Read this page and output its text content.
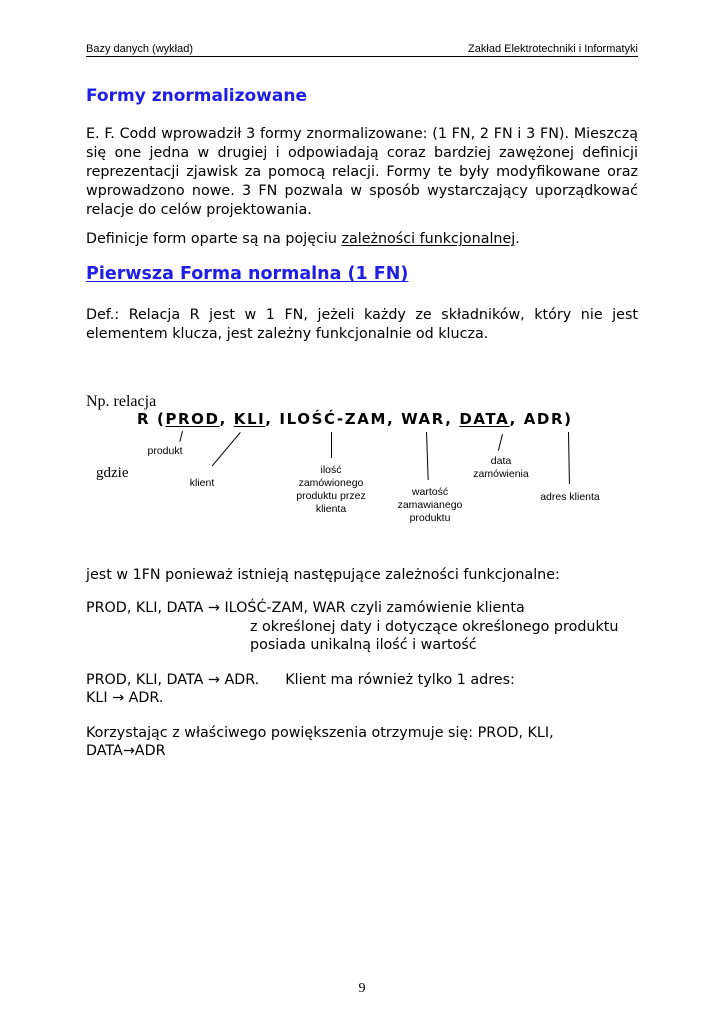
Bazy danych (wykład)	Zakład Elektrotechniki i Informatyki
Formy znormalizowane
E. F. Codd wprowadził 3 formy znormalizowane: (1 FN, 2 FN i 3 FN). Mieszczą się one jedna w drugiej i odpowiadają coraz bardziej zawężonej definicji reprezentacji zjawisk za pomocą relacji. Formy te były modyfikowane oraz wprowadzono nowe. 3 FN pozwala w sposób wystarczający uporządkować relacje do celów projektowania.
Definicje form oparte są na pojęciu zależności funkcjonalnej.
Pierwsza Forma normalna (1 FN)
Def.: Relacja R jest w 1 FN, jeżeli każdy ze składników, który nie jest elementem klucza, jest zależny funkcjonalnie od klucza.
Np. relacja
R (PROD, KLI, ILOŚĆ-ZAM, WAR, DATA, ADR)
gdzie
produkt
klient
ilość
zamówionego
produktu przez
klienta
wartość
zamawianego
produktu
data
zamówienia
adres klienta
jest w 1FN ponieważ istnieją następujące zależności funkcjonalne:
PROD, KLI, DATA → ILOŚĆ-ZAM, WAR czyli zamówienie klienta
z określonej daty i dotyczące określonego produktu
posiada unikalną ilość i wartość
PROD, KLI, DATA → ADR. Klient ma również tylko 1 adres:
KLI → ADR.
Korzystając z właściwego powiększenia otrzymuje się: PROD, KLI,
DATA→ADR
9
